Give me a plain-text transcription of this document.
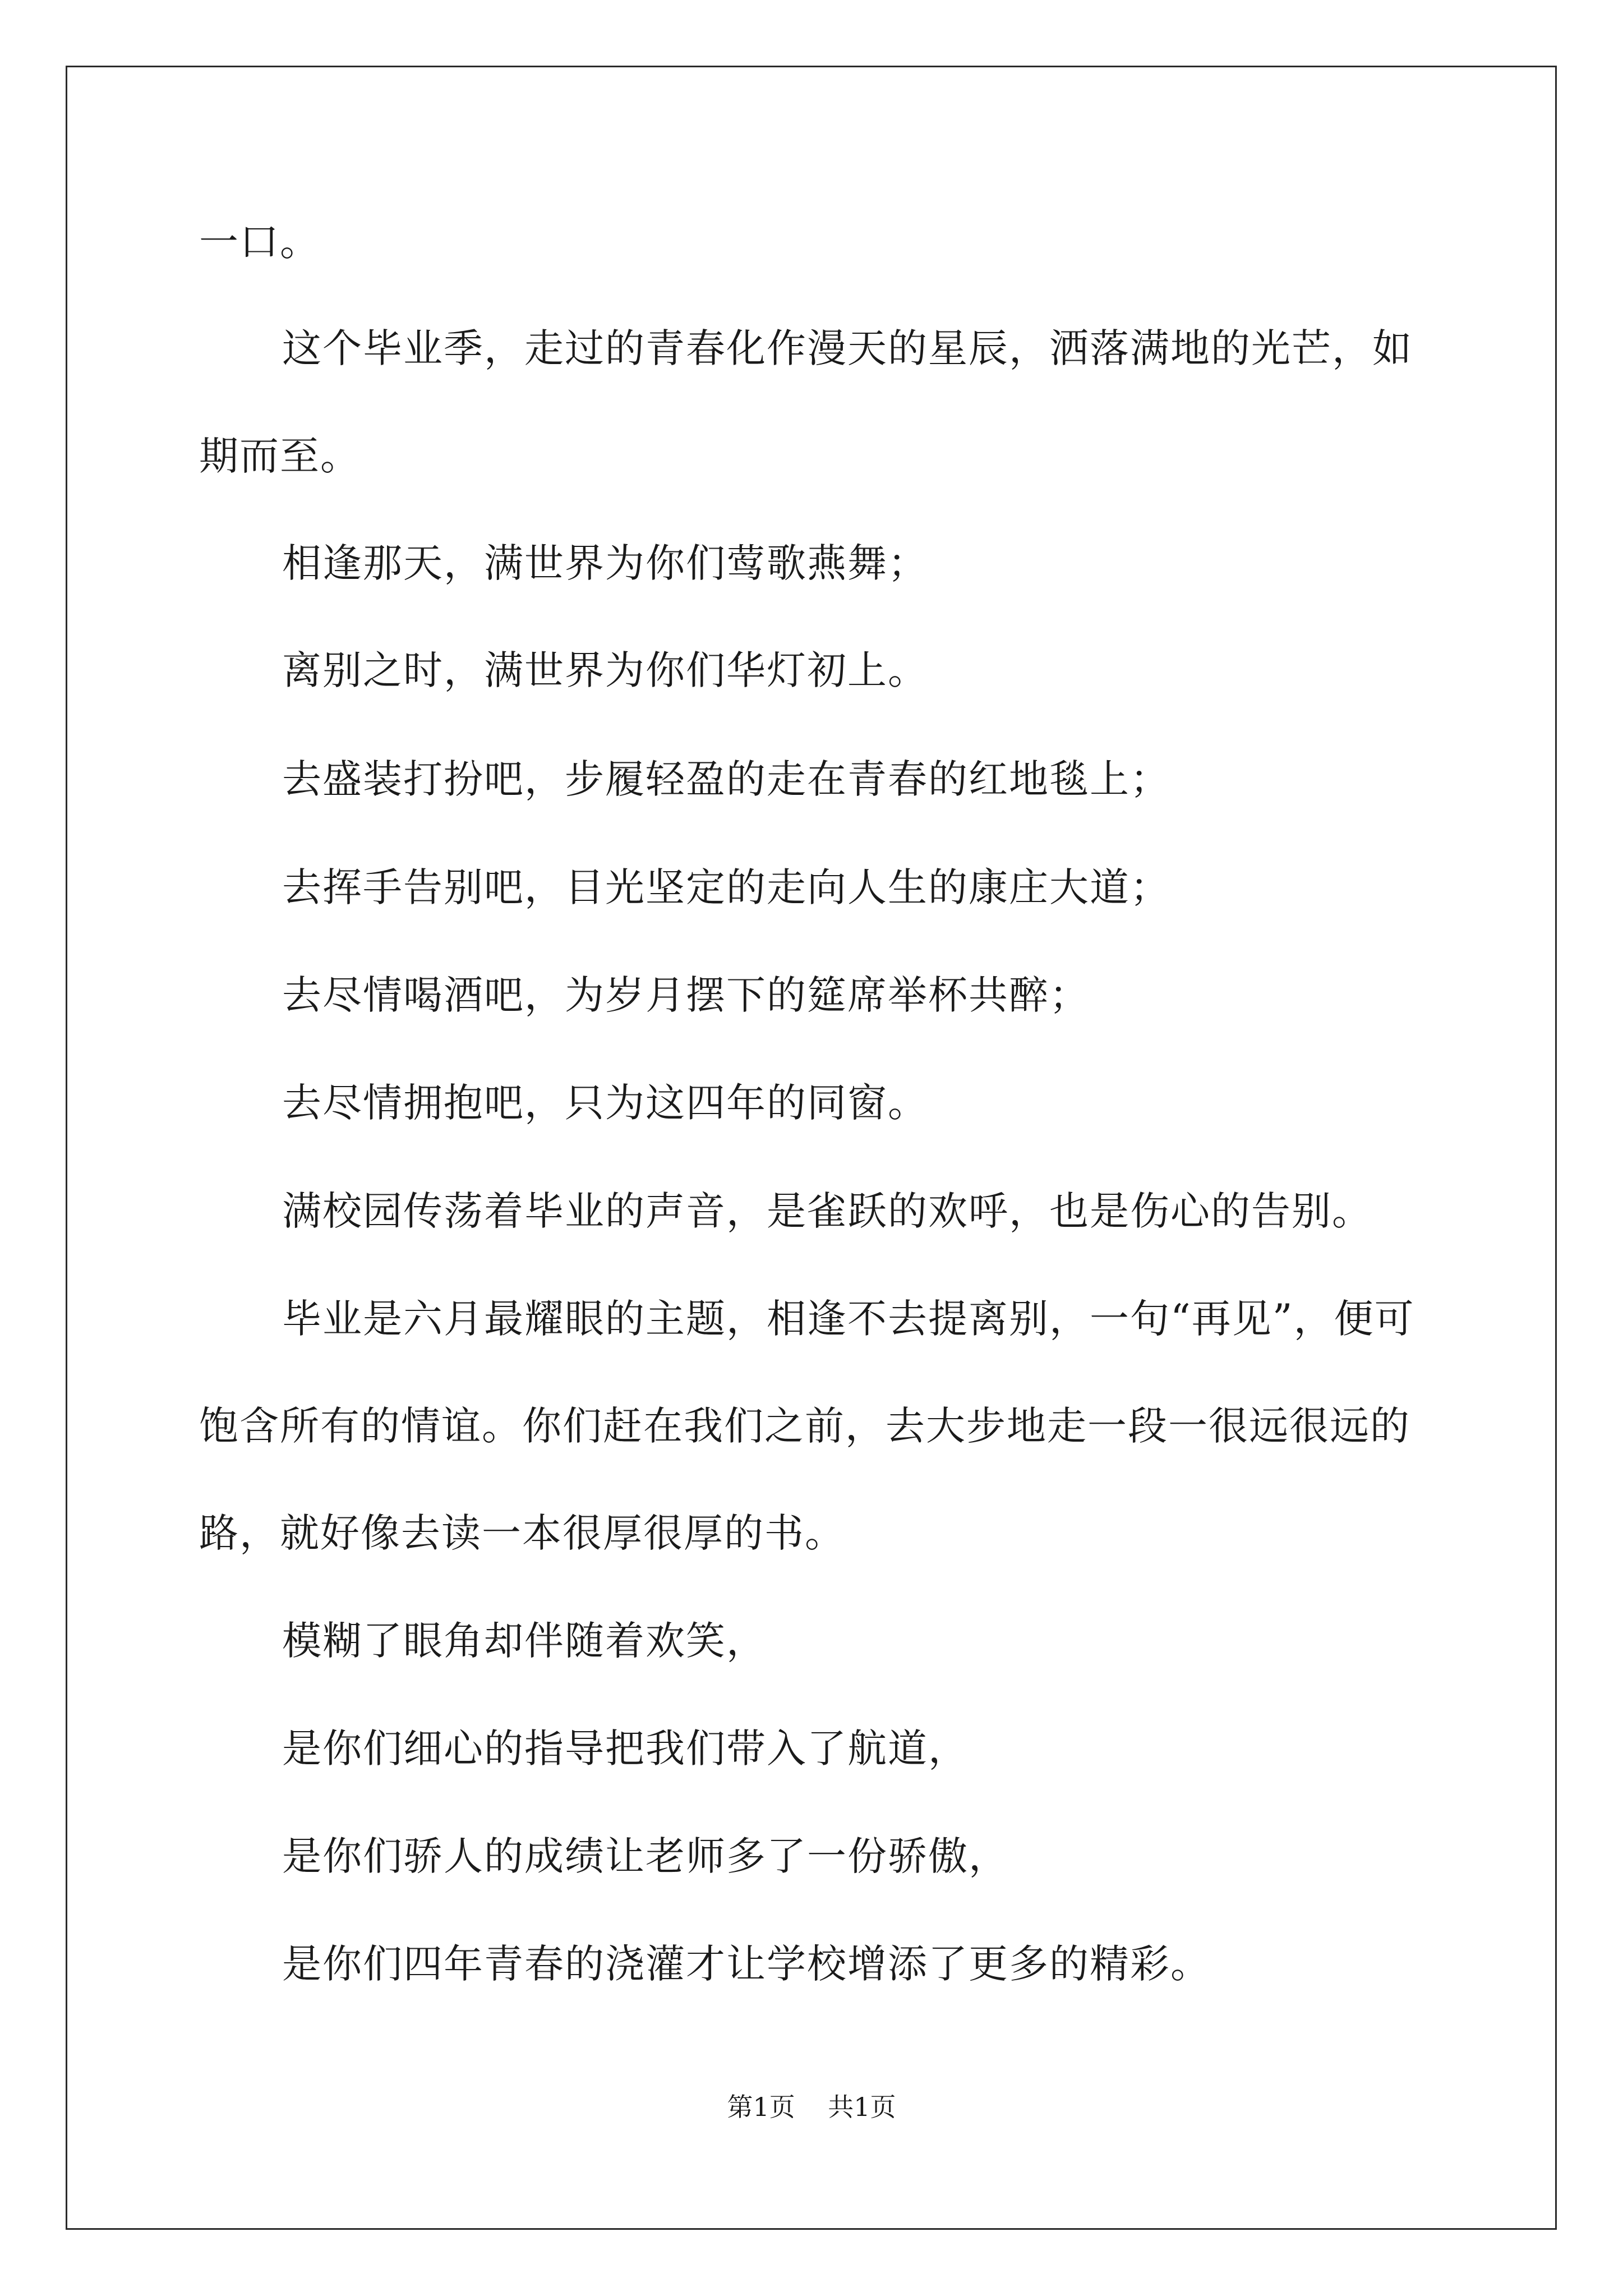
一口。
这个毕业季，走过的青春化作漫天的星辰，洒落满地的光芒，如
期而至。
相逢那天，满世界为你们莺歌燕舞；
离别之时，满世界为你们华灯初上。
去盛装打扮吧，步履轻盈的走在青春的红地毯上；
去挥手告别吧，目光坚定的走向人生的康庄大道；
去尽情喝酒吧，为岁月摆下的筵席举杯共醉；
去尽情拥抱吧，只为这四年的同窗。
满校园传荡着毕业的声音，是雀跃的欢呼，也是伤心的告别。
毕业是六月最耀眼的主题，相逢不去提离别，一句“再见”，便可
饱含所有的情谊。你们赶在我们之前，去大步地走一段一很远很远的
路，就好像去读一本很厚很厚的书。
模糊了眼角却伴随着欢笑，
是你们细心的指导把我们带入了航道，
是你们骄人的成绩让老师多了一份骄傲，
是你们四年青春的浇灌才让学校增添了更多的精彩。
第1页    共1页
